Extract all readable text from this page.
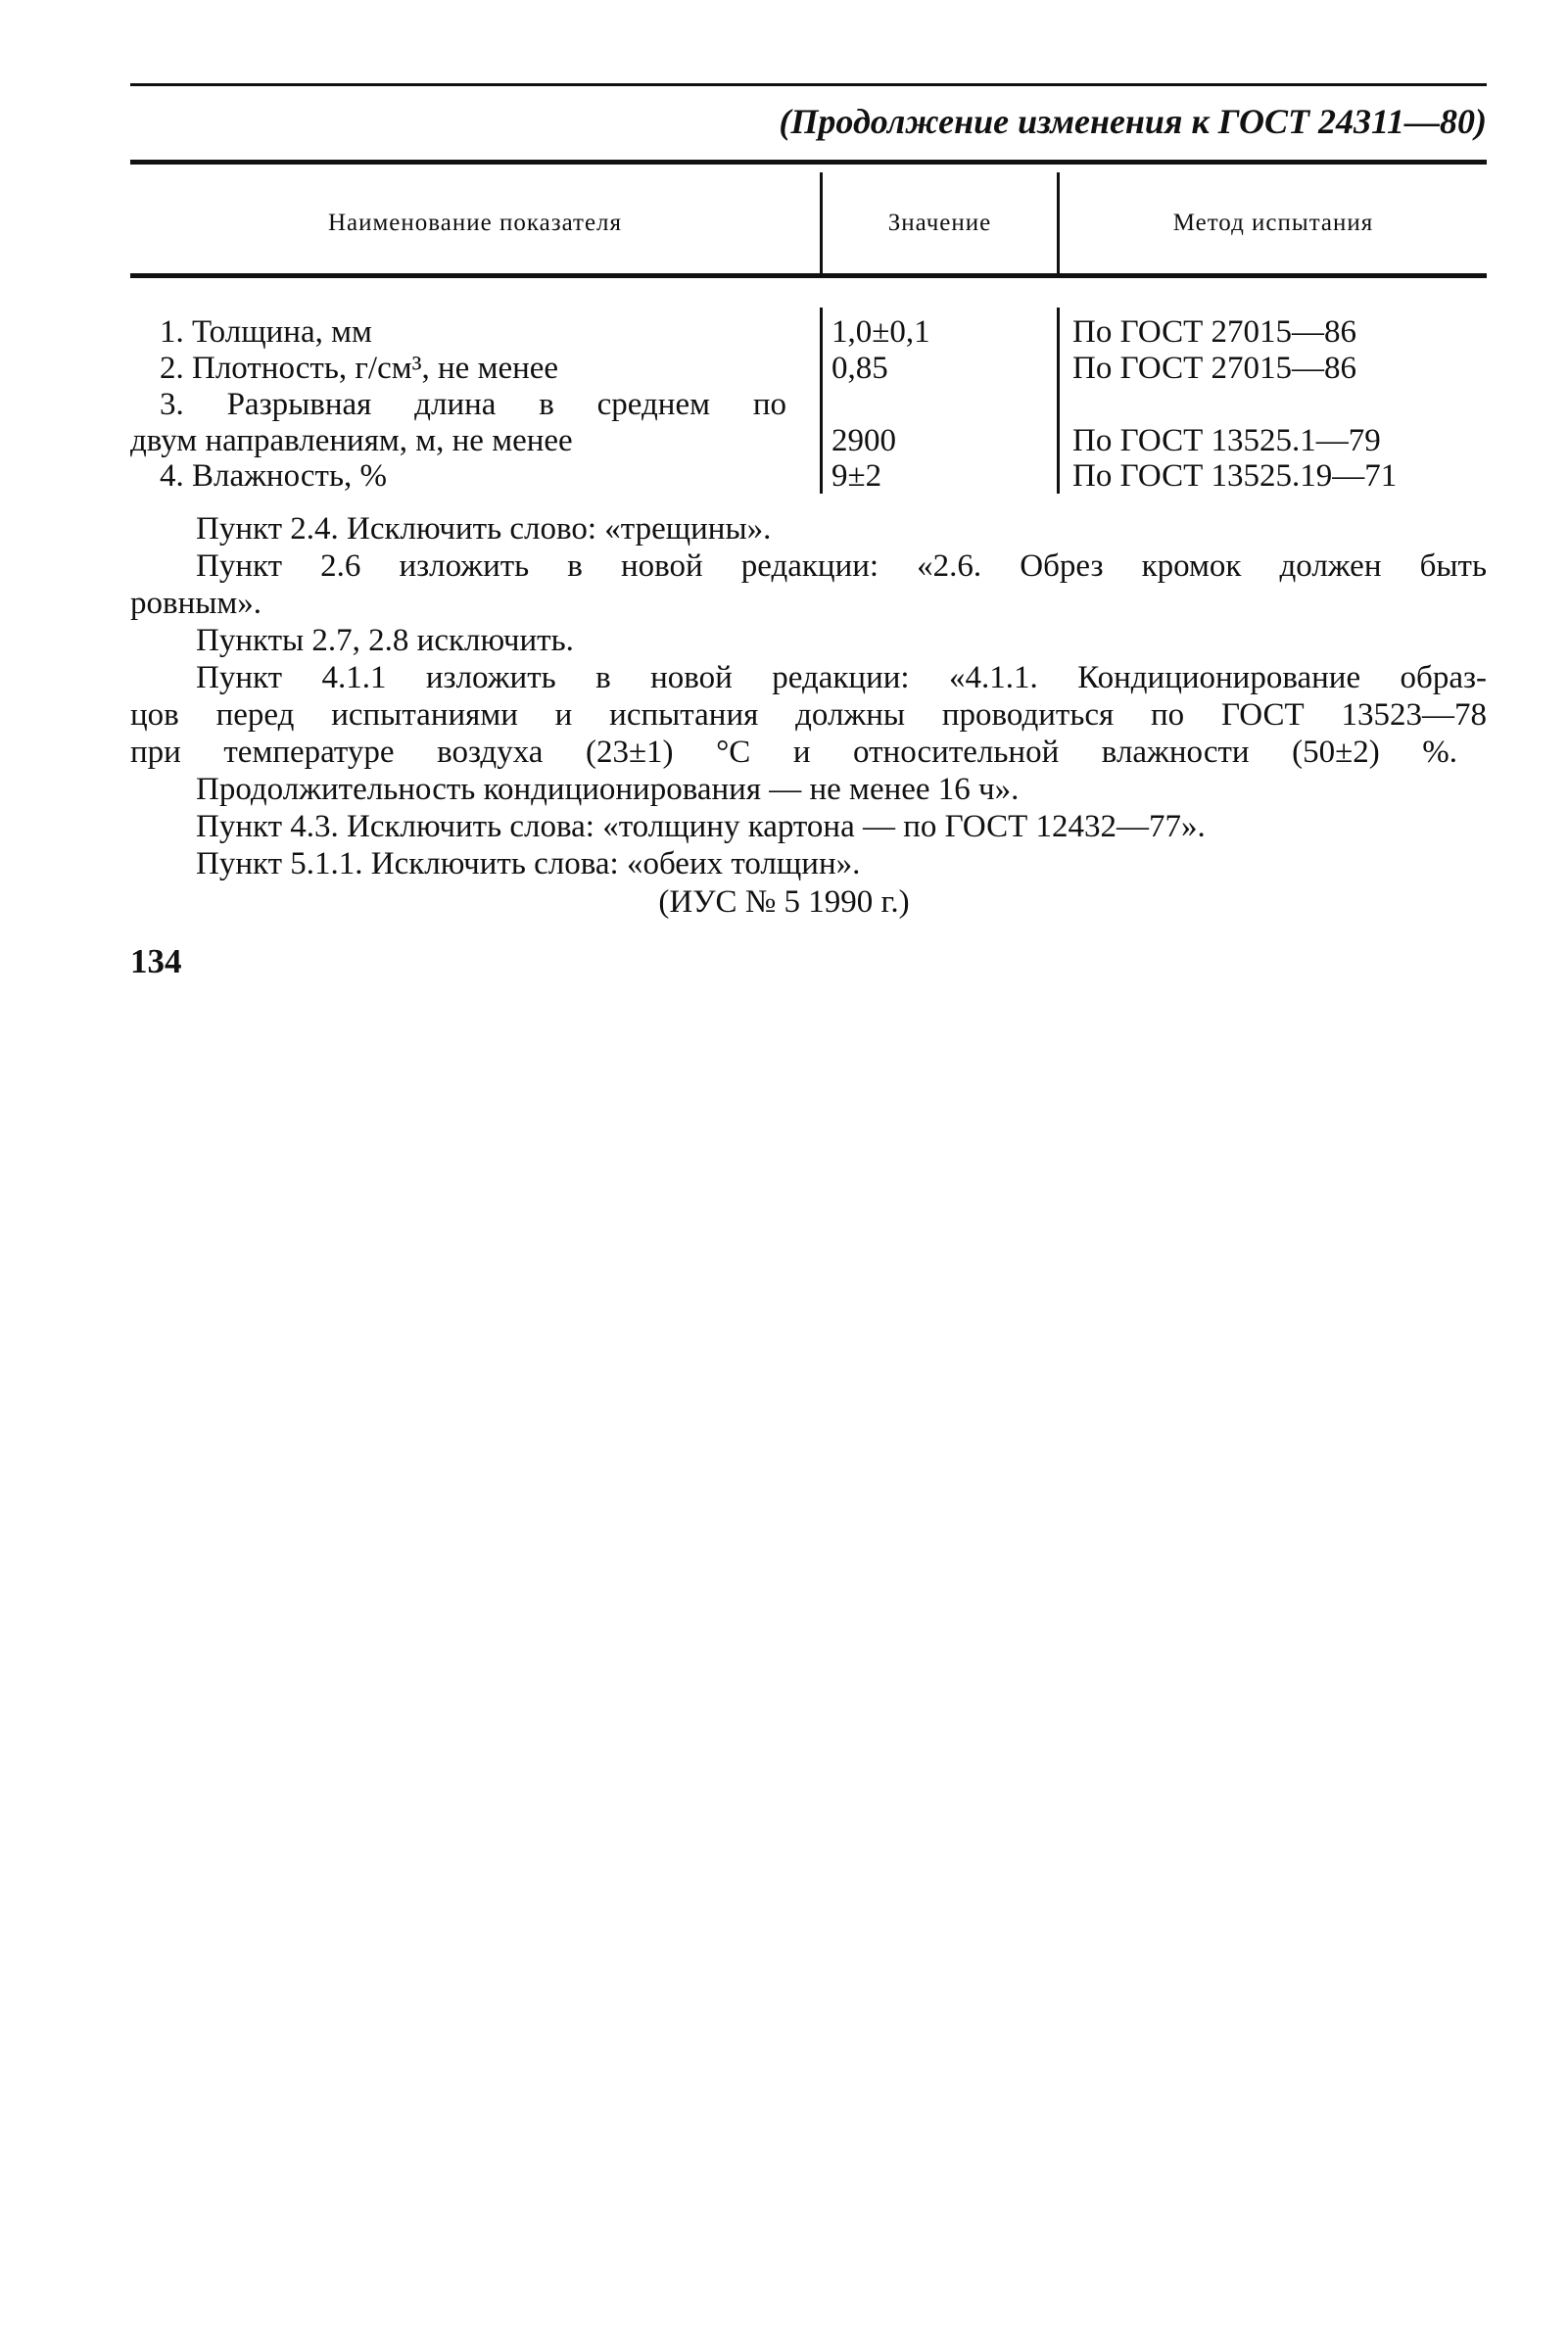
(Продолжение изменения к ГОСТ 24311—80)
Наименование показателя	Значение	Метод испытания
1. Толщина, мм	1,0±0,1	По ГОСТ 27015—86
2. Плотность, г/см³, не менее	0,85	По ГОСТ 27015—86
3. Разрывная длина в среднем по
двум направлениям, м, не менее	2900	По ГОСТ 13525.1—79
4. Влажность, %	9±2	По ГОСТ 13525.19—71
Пункт 2.4. Исключить слово: «трещины».
Пункт 2.6 изложить в новой редакции: «2.6. Обрез кромок должен быть
ровным».
Пункты 2.7, 2.8 исключить.
Пункт 4.1.1 изложить в новой редакции: «4.1.1. Кондиционирование образ-
цов перед испытаниями и испытания должны проводиться по ГОСТ 13523—78
при температуре воздуха (23±1) °С и относительной влажности (50±2) %.
Продолжительность кондиционирования — не менее 16 ч».
Пункт 4.3. Исключить слова: «толщину картона — по ГОСТ 12432—77».
Пункт 5.1.1. Исключить слова: «обеих толщин».
(ИУС № 5 1990 г.)
134
